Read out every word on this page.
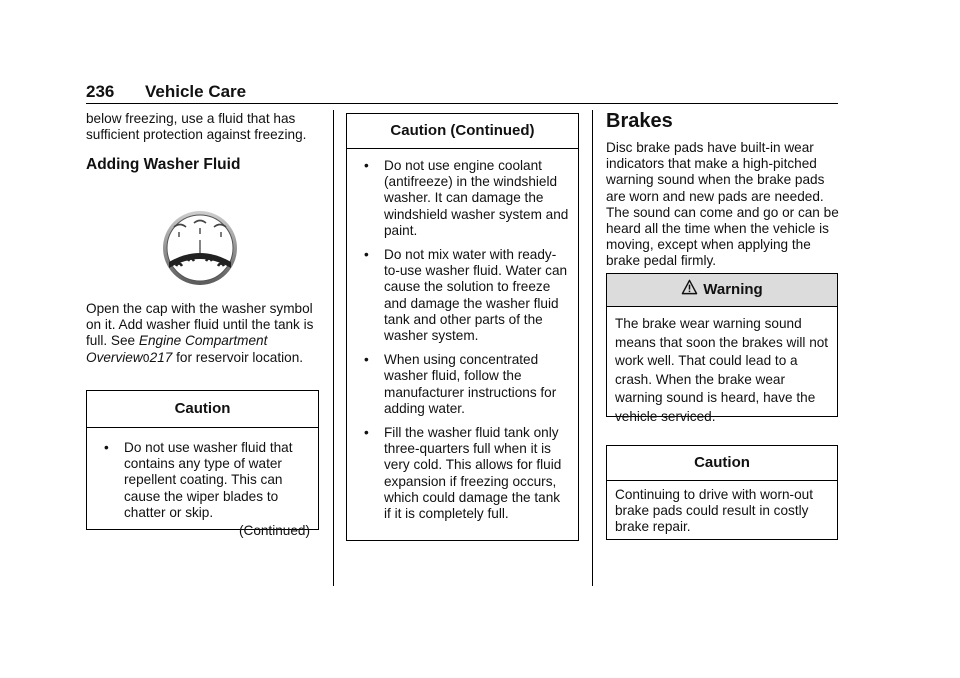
236 Vehicle Care

below freezing, use a fluid that has sufficient protection against freezing.

Adding Washer Fluid

Open the cap with the washer symbol on it. Add washer fluid until the tank is full. See Engine Compartment Overview0217 for reservoir location.

Caution
• Do not use washer fluid that contains any type of water repellent coating. This can cause the wiper blades to chatter or skip.
(Continued)
Caution (Continued)
• Do not use engine coolant (antifreeze) in the windshield washer. It can damage the windshield washer system and paint.
• Do not mix water with ready-to-use washer fluid. Water can cause the solution to freeze and damage the washer fluid tank and other parts of the washer system.
• When using concentrated washer fluid, follow the manufacturer instructions for adding water.
• Fill the washer fluid tank only three-quarters full when it is very cold. This allows for fluid expansion if freezing occurs, which could damage the tank if it is completely full.

Brakes

Disc brake pads have built-in wear indicators that make a high-pitched warning sound when the brake pads are worn and new pads are needed. The sound can come and go or can be heard all the time when the vehicle is moving, except when applying the brake pedal firmly.

Warning

The brake wear warning sound means that soon the brakes will not work well. That could lead to a crash. When the brake wear warning sound is heard, have the vehicle serviced.

Caution

Continuing to drive with worn-out brake pads could result in costly brake repair.
